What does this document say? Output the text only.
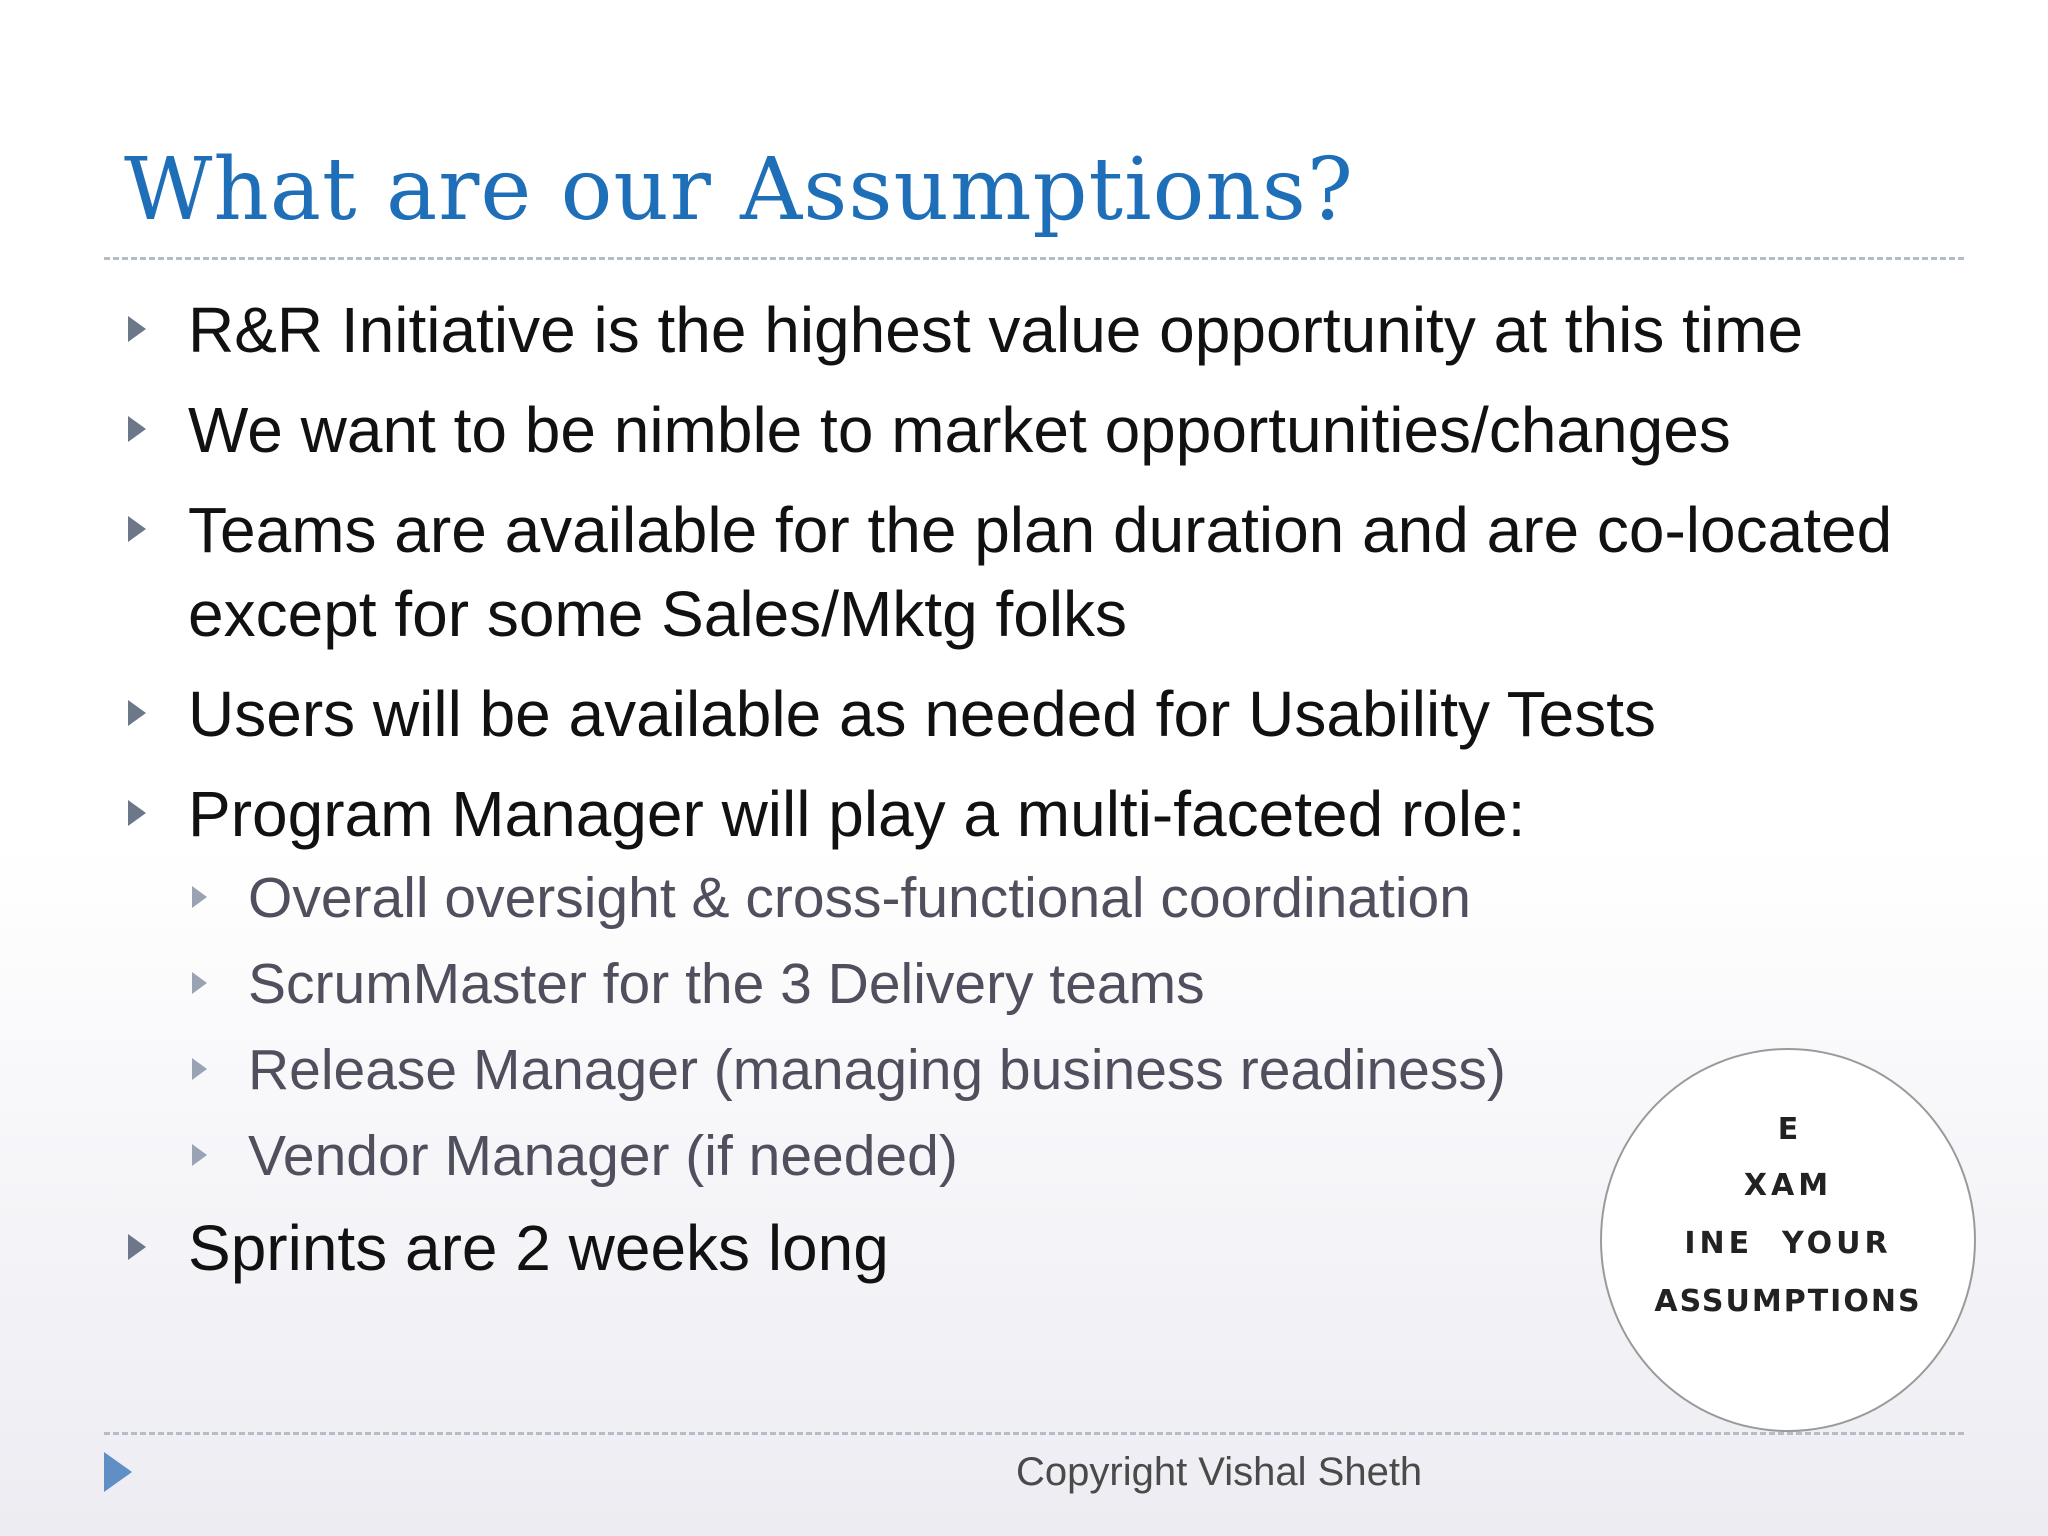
What are our Assumptions?
R&R Initiative is the highest value opportunity at this time
We want to be nimble to market opportunities/changes
Teams are available for the plan duration and are co-located except for some Sales/Mktg folks
Users will be available as needed for Usability Tests
Program Manager will play a multi-faceted role:
Overall oversight & cross-functional coordination
ScrumMaster for the 3 Delivery teams
Release Manager (managing business readiness)
Vendor Manager (if needed)
Sprints are 2 weeks long
E
XAM
INE  YOUR
ASSUMPTIONS
Copyright Vishal Sheth
